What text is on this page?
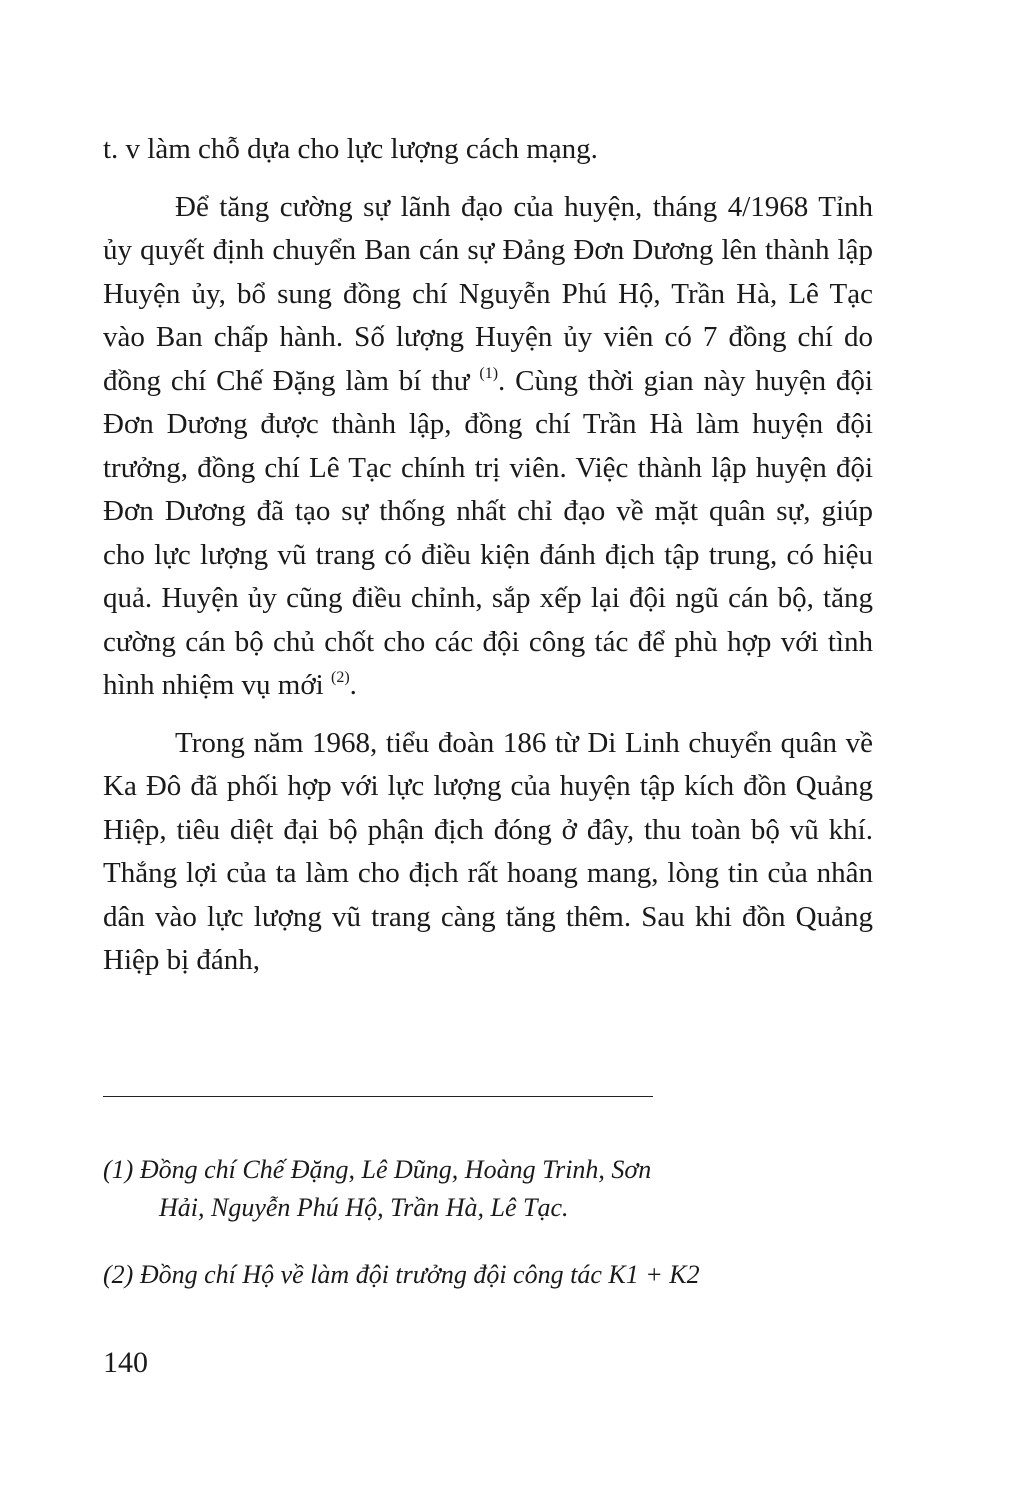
t. v làm chỗ dựa cho lực lượng cách mạng.

Để tăng cường sự lãnh đạo của huyện, tháng 4/1968 Tỉnh ủy quyết định chuyển Ban cán sự Đảng Đơn Dương lên thành lập Huyện ủy, bổ sung đồng chí Nguyễn Phú Hộ, Trần Hà, Lê Tạc vào Ban chấp hành. Số lượng Huyện ủy viên có 7 đồng chí do đồng chí Chế Đặng làm bí thư $^{(1)}$. Cùng thời gian này huyện đội Đơn Dương được thành lập, đồng chí Trần Hà làm huyện đội trưởng, đồng chí Lê Tạc chính trị viên. Việc thành lập huyện đội Đơn Dương đã tạo sự thống nhất chỉ đạo về mặt quân sự, giúp cho lực lượng vũ trang có điều kiện đánh địch tập trung, có hiệu quả. Huyện ủy cũng điều chỉnh, sắp xếp lại đội ngũ cán bộ, tăng cường cán bộ chủ chốt cho các đội công tác để phù hợp với tình hình nhiệm vụ mới $^{(2)}$.

Trong năm 1968, tiểu đoàn 186 từ Di Linh chuyển quân về Ka Đô đã phối hợp với lực lượng của huyện tập kích đồn Quảng Hiệp, tiêu diệt đại bộ phận địch đóng ở đây, thu toàn bộ vũ khí. Thắng lợi của ta làm cho địch rất hoang mang, lòng tin của nhân dân vào lực lượng vũ trang càng tăng thêm. Sau khi đồn Quảng Hiệp bị đánh,

(1) Đồng chí Chế Đặng, Lê Dũng, Hoàng Trinh, Sơn
Hải, Nguyễn Phú Hộ, Trần Hà, Lê Tạc.
(2) Đồng chí Hộ về làm đội trưởng đội công tác K1 + K2
140
